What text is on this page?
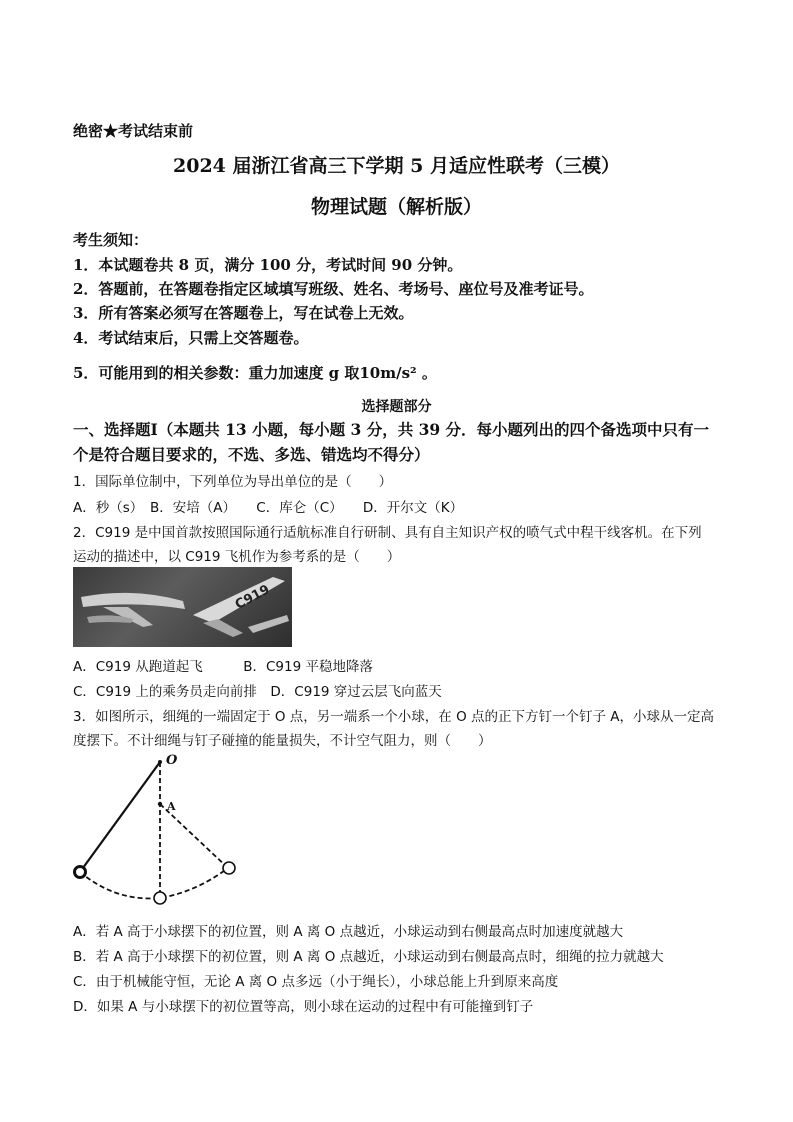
绝密★考试结束前
2024 届浙江省高三下学期 5 月适应性联考（三模）
物理试题（解析版）
考生须知：
1．本试题卷共 8 页，满分 100 分，考试时间 90 分钟。
2．答题前，在答题卷指定区域填写班级、姓名、考场号、座位号及准考证号。
3．所有答案必须写在答题卷上，写在试卷上无效。
4．考试结束后，只需上交答题卷。
5．可能用到的相关参数：重力加速度 g 取10m/s² 。
选择题部分
一、选择题Ⅰ（本题共 13 小题，每小题 3 分，共 39 分．每小题列出的四个备选项中只有一
个是符合题目要求的，不选、多选、错选均不得分）
1．国际单位制中，下列单位为导出单位的是（　　）
A．秒（s）　B．安培（A）　　C．库仑（C）　　D．开尔文（K）
2．C919 是中国首款按照国际通行适航标准自行研制、具有自主知识产权的喷气式中程干线客机。在下列
运动的描述中，以 C919 飞机作为参考系的是（　　）
C919
A．C919 从跑道起飞　　　B．C919 平稳地降落
C．C919 上的乘务员走向前排　D．C919 穿过云层飞向蓝天
3．如图所示，细绳的一端固定于 O 点，另一端系一个小球，在 O 点的正下方钉一个钉子 A，小球从一定高
度摆下。不计细绳与钉子碰撞的能量损失，不计空气阻力，则（　　）
O
A
A．若 A 高于小球摆下的初位置，则 A 离 O 点越近，小球运动到右侧最高点时加速度就越大
B．若 A 高于小球摆下的初位置，则 A 离 O 点越近，小球运动到右侧最高点时，细绳的拉力就越大
C．由于机械能守恒，无论 A 离 O 点多远（小于绳长），小球总能上升到原来高度
D．如果 A 与小球摆下的初位置等高，则小球在运动的过程中有可能撞到钉子
